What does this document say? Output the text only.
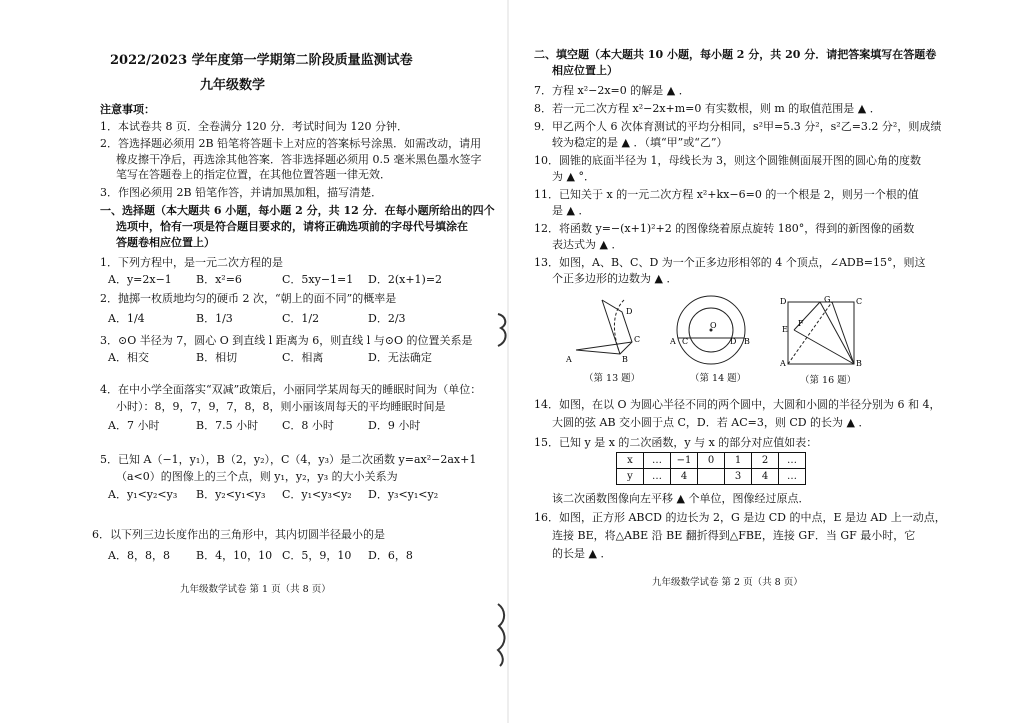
2022/2023 学年度第一学期第二阶段质量监测试卷
九年级数学
注意事项：
1．本试卷共 8 页．全卷满分 120 分．考试时间为 120 分钟．
2．答选择题必须用 2B 铅笔将答题卡上对应的答案标号涂黑．如需改动，请用
橡皮擦干净后，再选涂其他答案．答非选择题必须用 0.5 毫米黑色墨水签字
笔写在答题卷上的指定位置，在其他位置答题一律无效．
3．作图必须用 2B 铅笔作答，并请加黑加粗，描写清楚．
一、选择题（本大题共 6 小题，每小题 2 分，共 12 分．在每小题所给出的四个
选项中，恰有一项是符合题目要求的，请将正确选项前的字母代号填涂在
答题卷相应位置上）
1．下列方程中，是一元二次方程的是
A．y=2x−1 B．x²=6	C．5xy−1=1 D．2(x+1)=2
2．抛掷一枚质地均匀的硬币 2 次，“朝上的面不同”的概率是
A．1/4	B．1/3	C．1/2	D．2/3
3．⊙O 半径为 7，圆心 O 到直线 l 距离为 6，则直线 l 与⊙O 的位置关系是
A．相交	B．相切	C．相离	D．无法确定
4．在中小学全面落实“双减”政策后，小丽同学某周每天的睡眠时间为（单位：
小时）：8，9，7，9，7，8，8，则小丽该周每天的平均睡眠时间是
A．7 小时	B．7.5 小时 C．8 小时	D．9 小时
5．已知 A（−1，y₁），B（2，y₂），C（4，y₃）是二次函数 y=ax²−2ax+1
（a<0）的图像上的三个点，则 y₁，y₂，y₃ 的大小关系为
A．y₁<y₂<y₃ B．y₂<y₁<y₃ C．y₁<y₃<y₂ D．y₃<y₁<y₂
6．以下列三边长度作出的三角形中，其内切圆半径最小的是
A．8，8，8 B．4，10，10 C．5，9，10 D．6，8
九年级数学试卷 第 1 页（共 8 页）
二、填空题（本大题共 10 小题，每小题 2 分，共 20 分．请把答案填写在答题卷
相应位置上）
7．方程 x²−2x=0 的解是 ▲ ．
8．若一元二次方程 x²−2x+m=0 有实数根，则 m 的取值范围是 ▲ ．
9．甲乙两个人 6 次体育测试的平均分相同，s²甲=5.3 分²，s²乙=3.2 分²，则成绩
较为稳定的是 ▲ ．（填“甲”或“乙”）
10．圆锥的底面半径为 1，母线长为 3，则这个圆锥侧面展开图的圆心角的度数
为 ▲ °．
11．已知关于 x 的一元二次方程 x²+kx−6=0 的一个根是 2，则另一个根的值
是 ▲ ．
12．将函数 y=−(x+1)²+2 的图像绕着原点旋转 180°，得到的新图像的函数
表达式为 ▲ ．
13．如图，A、B、C、D 为一个正多边形相邻的 4 个顶点，∠ADB=15°，则这
个正多边形的边数为 ▲ ．
A	B
C
D
（第 13 题）
A C
O
D B
（第 14 题）
D	G	C
E
F
A	B
（第 16 题）
14．如图，在以 O 为圆心半径不同的两个圆中，大圆和小圆的半径分别为 6 和 4，
大圆的弦 AB 交小圆于点 C，D．若 AC=3，则 CD 的长为 ▲ ．
15．已知 y 是 x 的二次函数，y 与 x 的部分对应值如表：
x	…	−1	0	1	2	…
y	…	4		3	4	…
该二次函数图像向左平移 ▲ 个单位，图像经过原点．
16．如图，正方形 ABCD 的边长为 2，G 是边 CD 的中点，E 是边 AD 上一动点，
连接 BE，将△ABE 沿 BE 翻折得到△FBE，连接 GF．当 GF 最小时，它
的长是 ▲ ．
九年级数学试卷 第 2 页（共 8 页）
